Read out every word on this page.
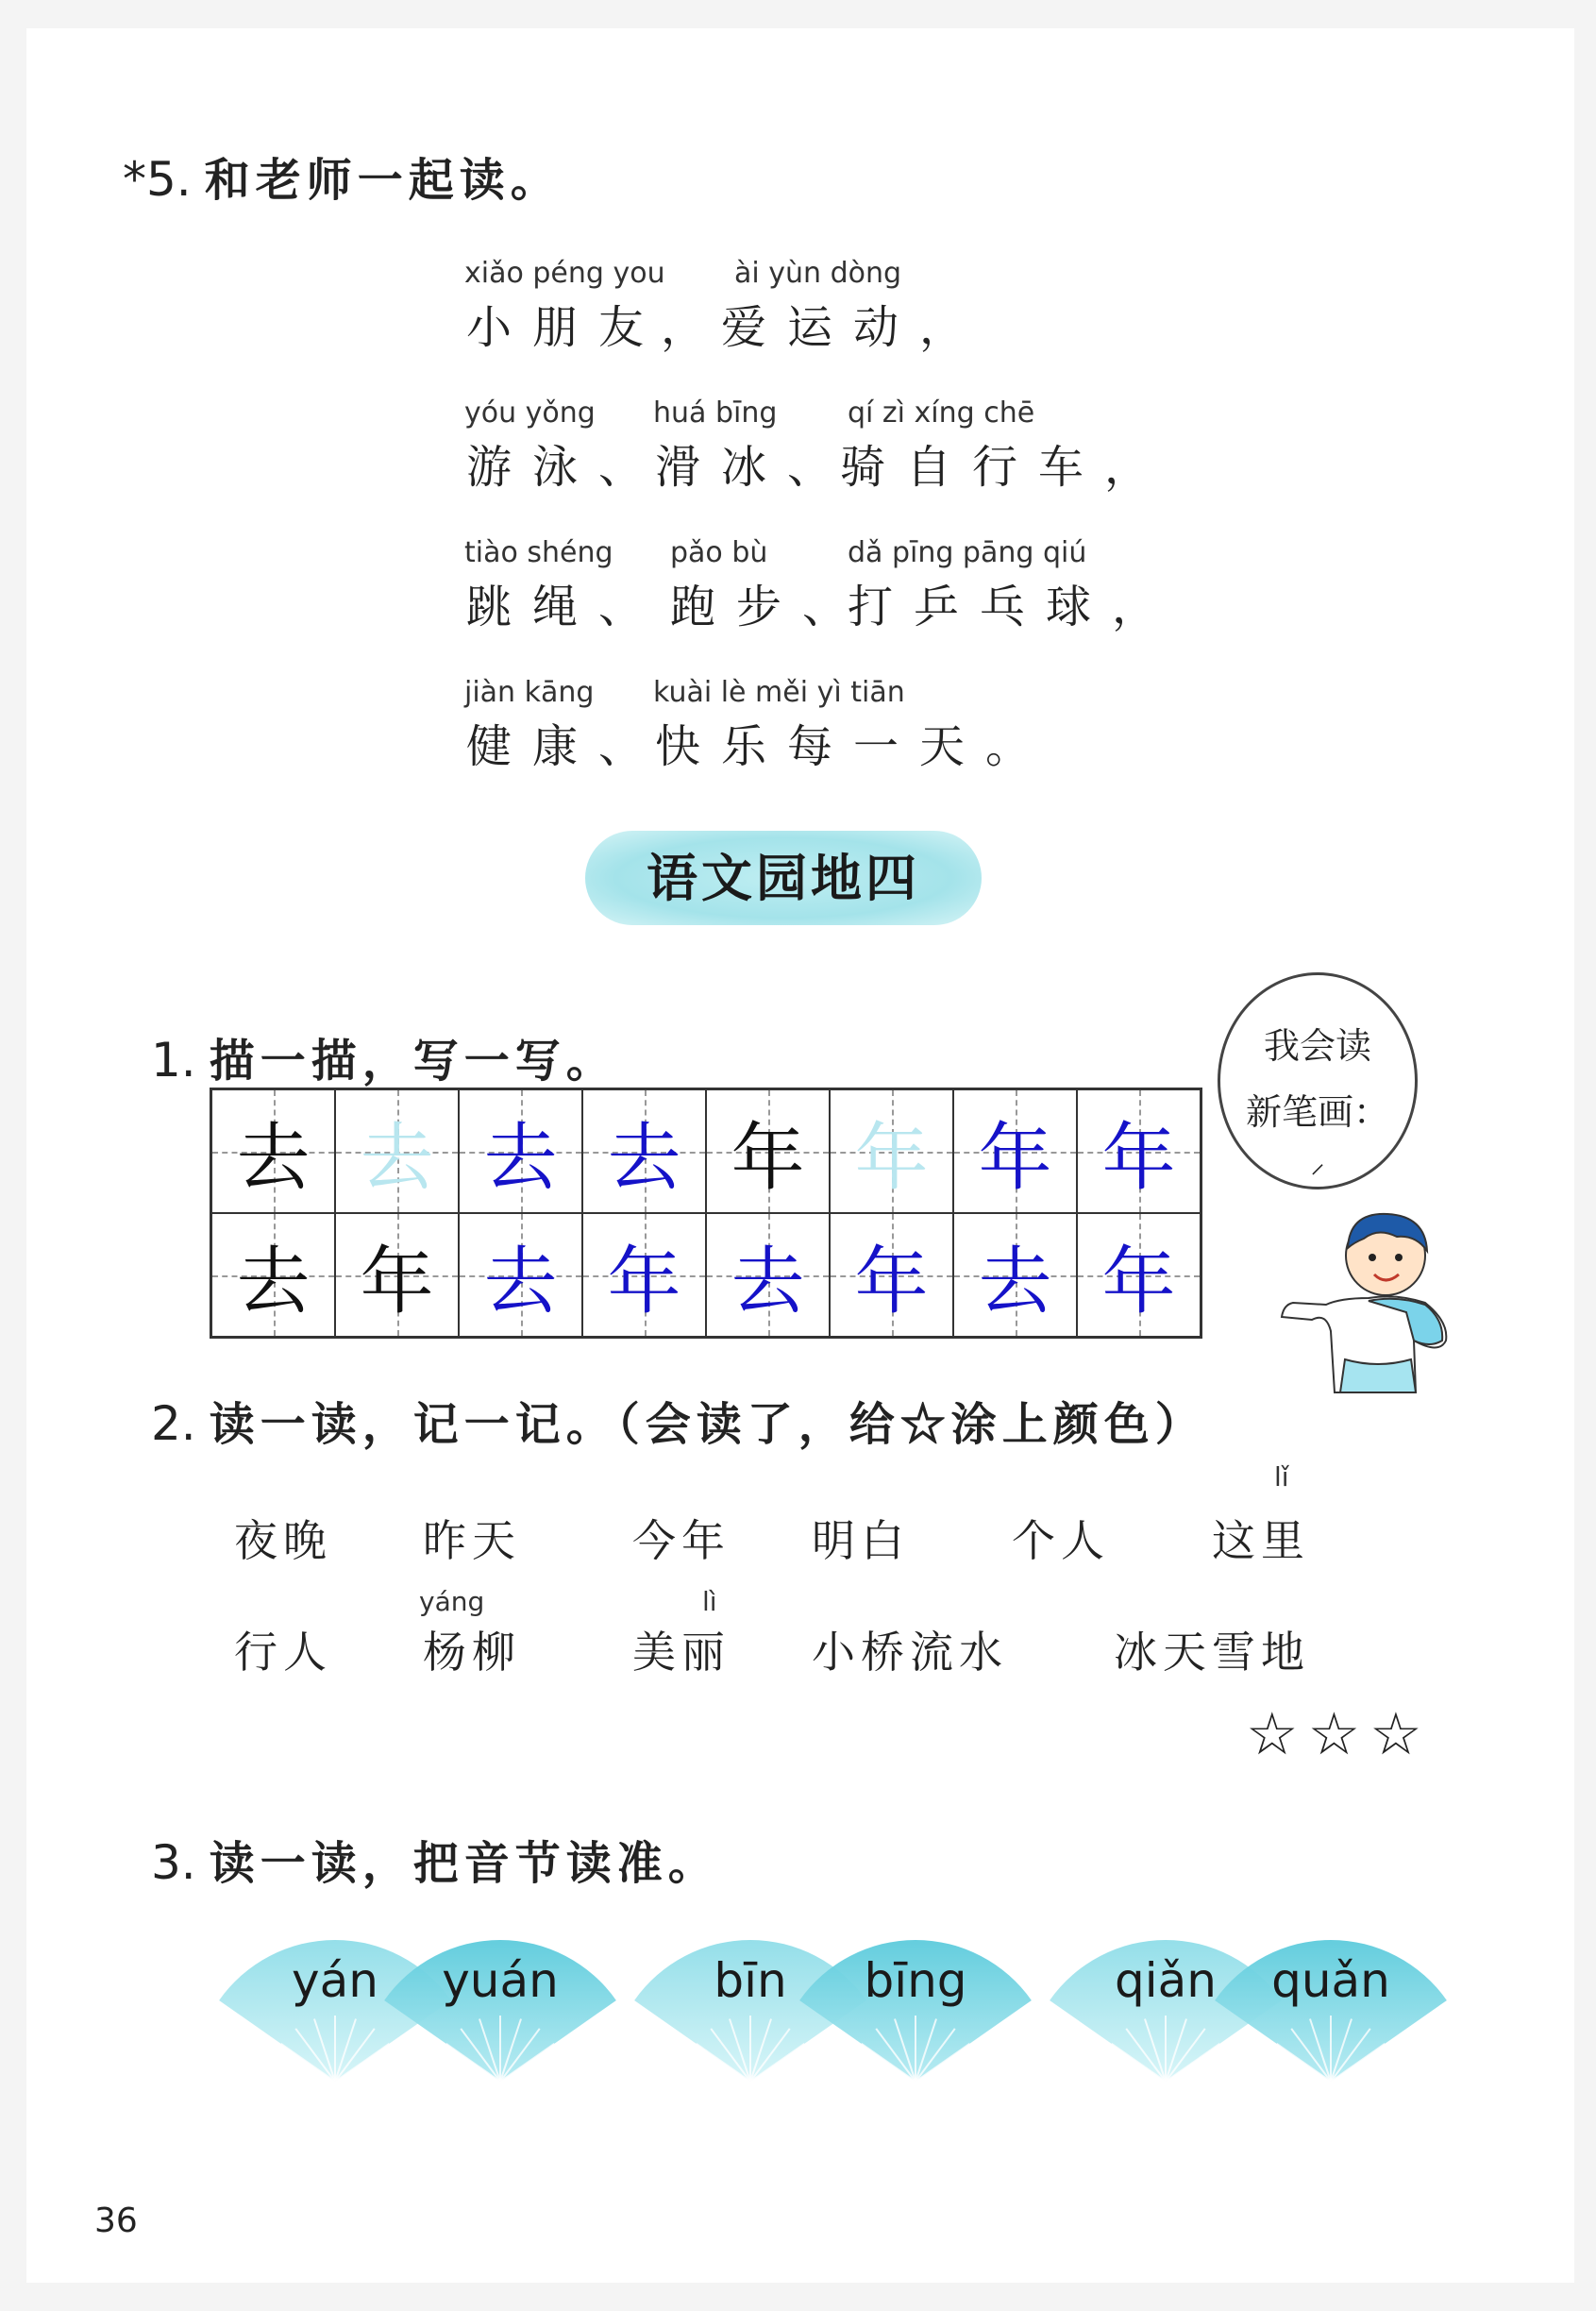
*5. 和老师一起读。
xiǎo péng you
小朋友
，
ài yùn dòng
爱运动，
yóu yǒng
游泳、
huá bīng
滑冰、
qí zì xíng chē
骑自行车，
tiào shéng
跳绳、
pǎo bù
跑步、
dǎ pīng pāng qiú
打乒乓球，
jiàn kāng
健康、
kuài lè měi yì tiān
快乐每一天。
语文园地四
1. 描一描，写一写。
去 去 去 去 年 年 年 年
去 年 去 年 去 年 去 年
我会读
新笔画：
⸝
2. 读一读，记一记。（会读了，给☆涂上颜色）
lǐ
夜晚 昨天	今年 明白 个人 这里
yáng	lì
行人 杨柳	美丽 小桥流水 冰天雪地
☆☆☆
3. 读一读，把音节读准。
yán yuán	bīn bīng	qiǎn quǎn
36
